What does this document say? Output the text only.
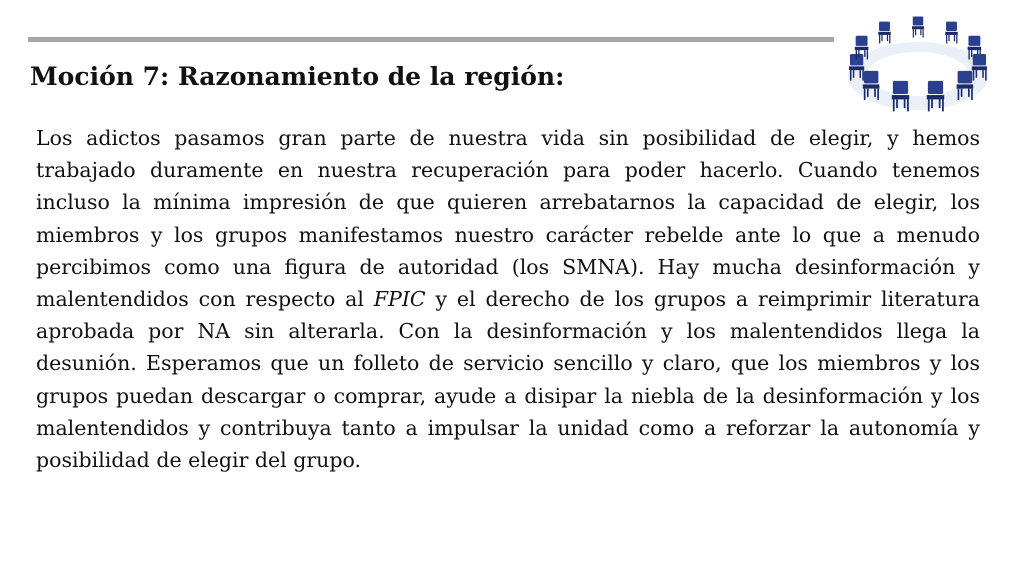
Moción 7: Razonamiento de la región:

Los adictos pasamos gran parte de nuestra vida sin posibilidad de elegir, y hemos trabajado duramente en nuestra recuperación para poder hacerlo. Cuando tenemos incluso la mínima impresión de que quieren arrebatarnos la capacidad de elegir, los miembros y los grupos manifestamos nuestro carácter rebelde ante lo que a menudo percibimos como una figura de autoridad (los SMNA). Hay mucha desinformación y malentendidos con respecto al FPIC y el derecho de los grupos a reimprimir literatura aprobada por NA sin alterarla. Con la desinformación y los malentendidos llega la desunión. Esperamos que un folleto de servicio sencillo y claro, que los miembros y los grupos puedan descargar o comprar, ayude a disipar la niebla de la desinformación y los malentendidos y contribuya tanto a impulsar la unidad como a reforzar la autonomía y posibilidad de elegir del grupo.
